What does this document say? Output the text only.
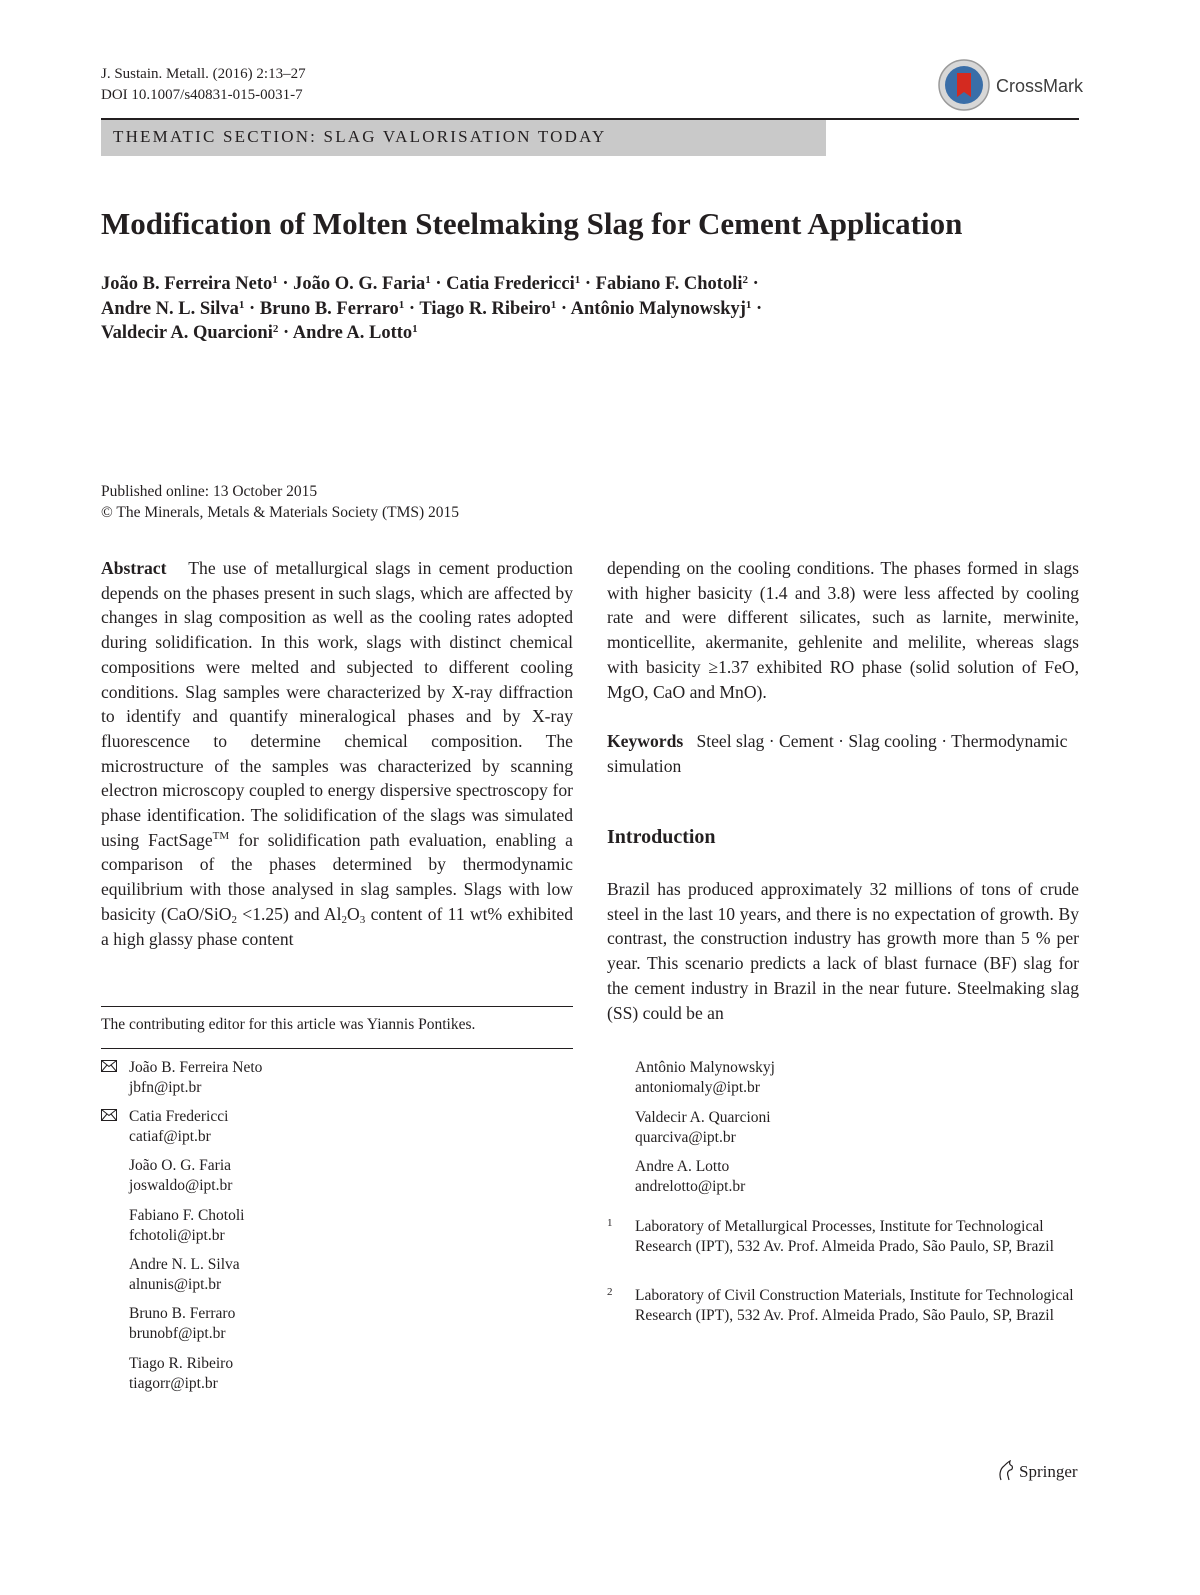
J. Sustain. Metall. (2016) 2:13–27
DOI 10.1007/s40831-015-0031-7	CrossMark
THEMATIC SECTION: SLAG VALORISATION TODAY
Modification of Molten Steelmaking Slag for Cement Application
João B. Ferreira Neto$^1$ · João O. G. Faria$^1$ · Catia Fredericci$^1$ · Fabiano F. Chotoli$^2$ ·
Andre N. L. Silva$^1$ · Bruno B. Ferraro$^1$ · Tiago R. Ribeiro$^1$ · Antônio Malynowskyj$^1$ ·
Valdecir A. Quarcioni$^2$ · Andre A. Lotto$^1$
Published online: 13 October 2015
© The Minerals, Metals & Materials Society (TMS) 2015
Abstract The use of metallurgical slags in cement production depends on the phases present in such slags, which are affected by changes in slag composition as well as the cooling rates adopted during solidification. In this work, slags with distinct chemical compositions were melted and subjected to different cooling conditions. Slag samples were characterized by X-ray diffraction to identify and quantify mineralogical phases and by X-ray fluorescence to determine chemical composition. The microstructure of the samples was characterized by scanning electron microscopy coupled to energy dispersive spectroscopy for phase identification. The solidification of the slags was simulated using FactSage™ for solidification path evaluation, enabling a comparison of the phases determined by thermodynamic equilibrium with those analysed in slag samples. Slags with low basicity (CaO/SiO$_2$ <1.25) and $Al_2O_3$ content of 11 wt% exhibited a high glassy phase content
depending on the cooling conditions. The phases formed in slags with higher basicity (1.4 and 3.8) were less affected by cooling rate and were different silicates, such as larnite, merwinite, monticellite, akermanite, gehlenite and melilite, whereas slags with basicity ≥1.37 exhibited RO phase (solid solution of FeO, MgO, CaO and MnO).
Keywords Steel slag · Cement · Slag cooling · Thermodynamic simulation
Introduction
Brazil has produced approximately 32 millions of tons of crude steel in the last 10 years, and there is no expectation of growth. By contrast, the construction industry has growth more than 5 % per year. This scenario predicts a lack of blast furnace (BF) slag for the cement industry in Brazil in the near future. Steelmaking slag (SS) could be an
The contributing editor for this article was Yiannis Pontikes.
João B. Ferreira Neto
jbfn@ipt.br
Catia Fredericci
catiaf@ipt.br
João O. G. Faria
joswaldo@ipt.br
Fabiano F. Chotoli
fchotoli@ipt.br
Andre N. L. Silva
alnunis@ipt.br
Bruno B. Ferraro
brunobf@ipt.br
Tiago R. Ribeiro
tiagorr@ipt.br
Antônio Malynowskyj
antoniomaly@ipt.br
Valdecir A. Quarcioni
quarciva@ipt.br
Andre A. Lotto
andrelotto@ipt.br
1 Laboratory of Metallurgical Processes, Institute for Technological Research (IPT), 532 Av. Prof. Almeida Prado, São Paulo, SP, Brazil
2 Laboratory of Civil Construction Materials, Institute for Technological Research (IPT), 532 Av. Prof. Almeida Prado, São Paulo, SP, Brazil
Springer
